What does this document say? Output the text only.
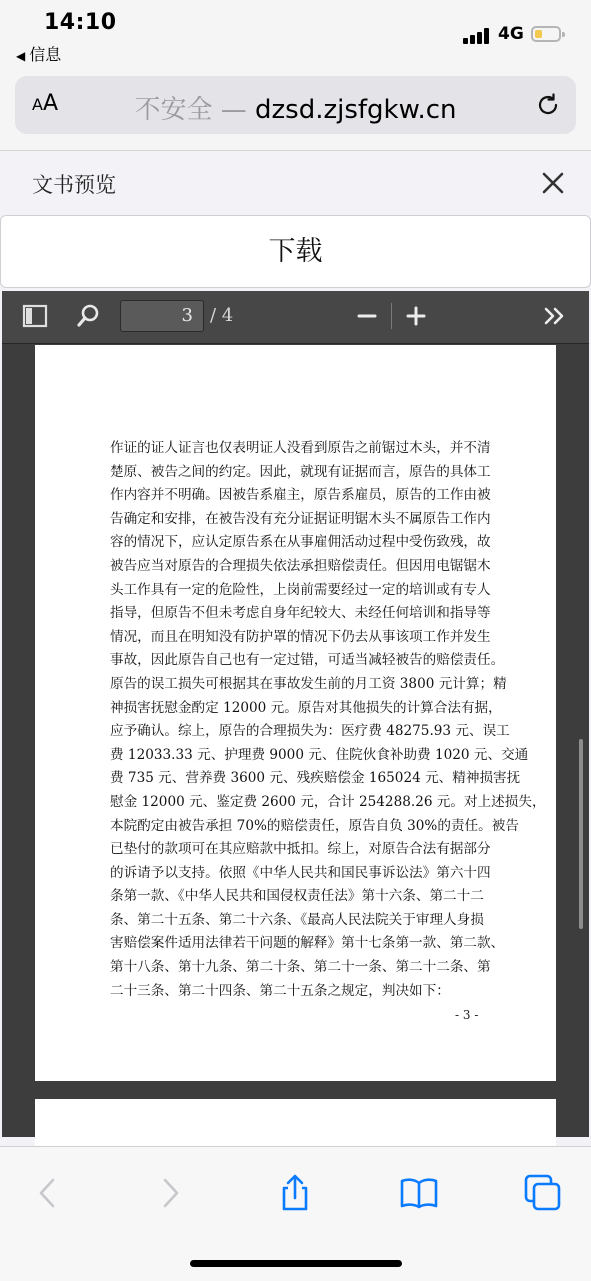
14:10
◀ 信息
4G
AA	不安全 — dzsd.zjsfgkw.cn
文书预览
下载
3 / 4
作证的证人证言也仅表明证人没看到原告之前锯过木头，并不清
楚原、被告之间的约定。因此，就现有证据而言，原告的具体工
作内容并不明确。因被告系雇主，原告系雇员，原告的工作由被
告确定和安排，在被告没有充分证据证明锯木头不属原告工作内
容的情况下，应认定原告系在从事雇佣活动过程中受伤致残，故
被告应当对原告的合理损失依法承担赔偿责任。但因用电锯锯木
头工作具有一定的危险性，上岗前需要经过一定的培训或有专人
指导，但原告不但未考虑自身年纪较大、未经任何培训和指导等
情况，而且在明知没有防护罩的情况下仍去从事该项工作并发生
事故，因此原告自己也有一定过错，可适当减轻被告的赔偿责任。
原告的误工损失可根据其在事故发生前的月工资 3800 元计算；精
神损害抚慰金酌定 12000 元。原告对其他损失的计算合法有据，
应予确认。综上，原告的合理损失为：医疗费 48275.93 元、误工
费 12033.33 元、护理费 9000 元、住院伙食补助费 1020 元、交通
费 735 元、营养费 3600 元、残疾赔偿金 165024 元、精神损害抚
慰金 12000 元、鉴定费 2600 元，合计 254288.26 元。对上述损失，
本院酌定由被告承担 70%的赔偿责任，原告自负 30%的责任。被告
已垫付的款项可在其应赔款中抵扣。综上，对原告合法有据部分
的诉请予以支持。依照《中华人民共和国民事诉讼法》第六十四
条第一款、《中华人民共和国侵权责任法》第十六条、第二十二
条、第二十五条、第二十六条、《最高人民法院关于审理人身损
害赔偿案件适用法律若干问题的解释》第十七条第一款、第二款、
第十八条、第十九条、第二十条、第二十一条、第二十二条、第
二十三条、第二十四条、第二十五条之规定，判决如下：
- 3 -
